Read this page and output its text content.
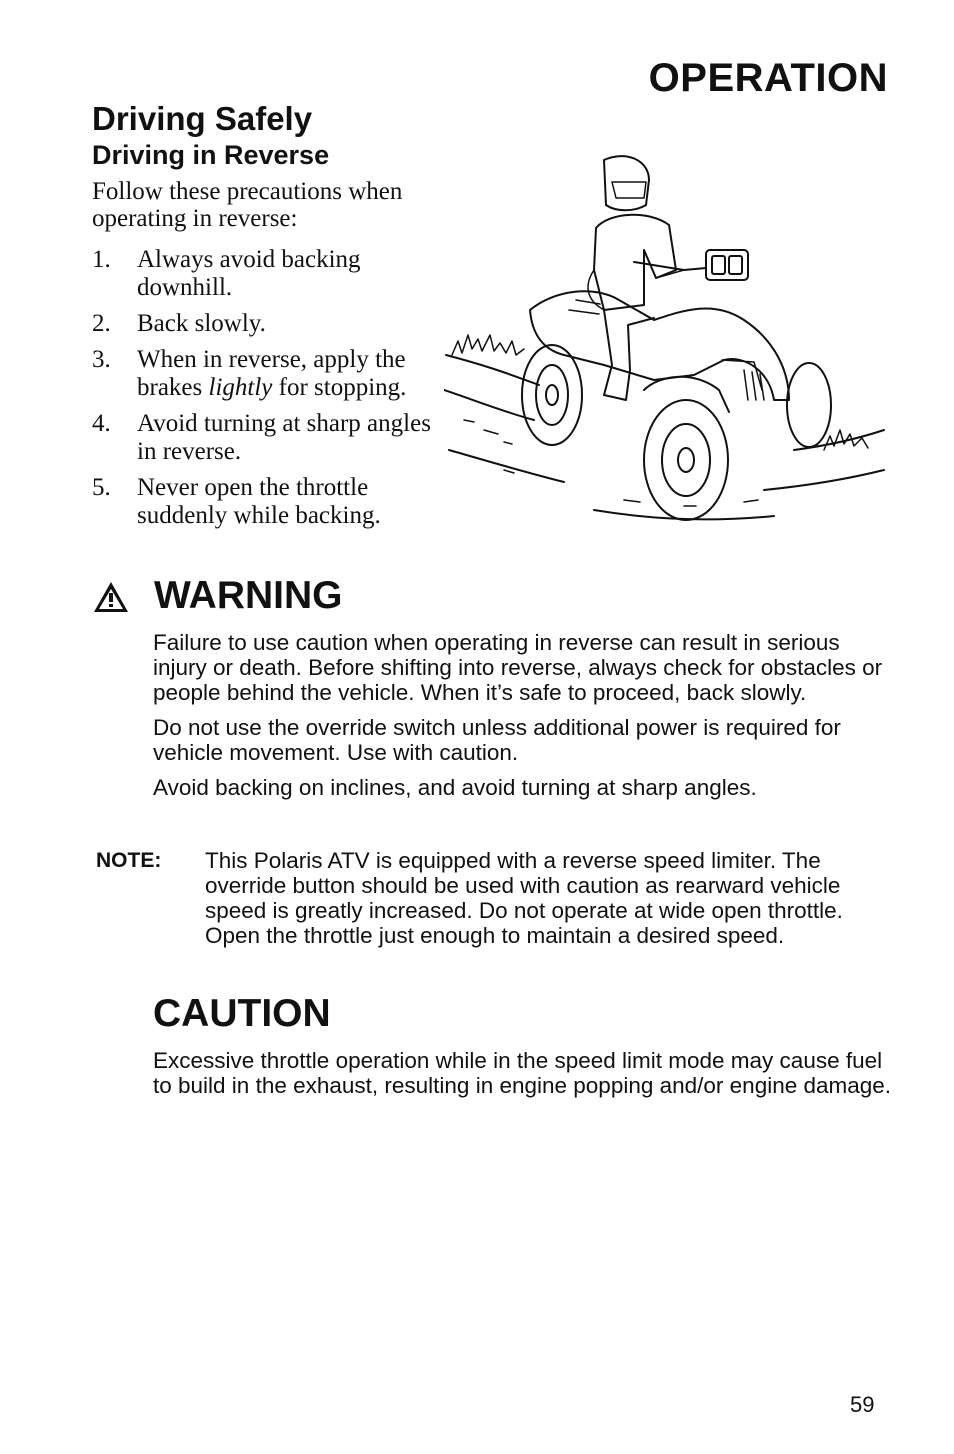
OPERATION
Driving Safely
Driving in Reverse

Follow these precautions when operating in reverse:

1. Always avoid backing downhill.
2. Back slowly.
3. When in reverse, apply the brakes lightly for stopping.
4. Avoid turning at sharp angles in reverse.
5. Never open the throttle suddenly while backing.
WARNING

Failure to use caution when operating in reverse can result in serious injury or death. Before shifting into reverse, always check for obstacles or people behind the vehicle. When it’s safe to proceed, back slowly.

Do not use the override switch unless additional power is required for vehicle movement. Use with caution.

Avoid backing on inclines, and avoid turning at sharp angles.

NOTE: This Polaris ATV is equipped with a reverse speed limiter. The override button should be used with caution as rearward vehicle speed is greatly increased. Do not operate at wide open throttle. Open the throttle just enough to maintain a desired speed.

CAUTION

Excessive throttle operation while in the speed limit mode may cause fuel to build in the exhaust, resulting in engine popping and/or engine damage.

59
